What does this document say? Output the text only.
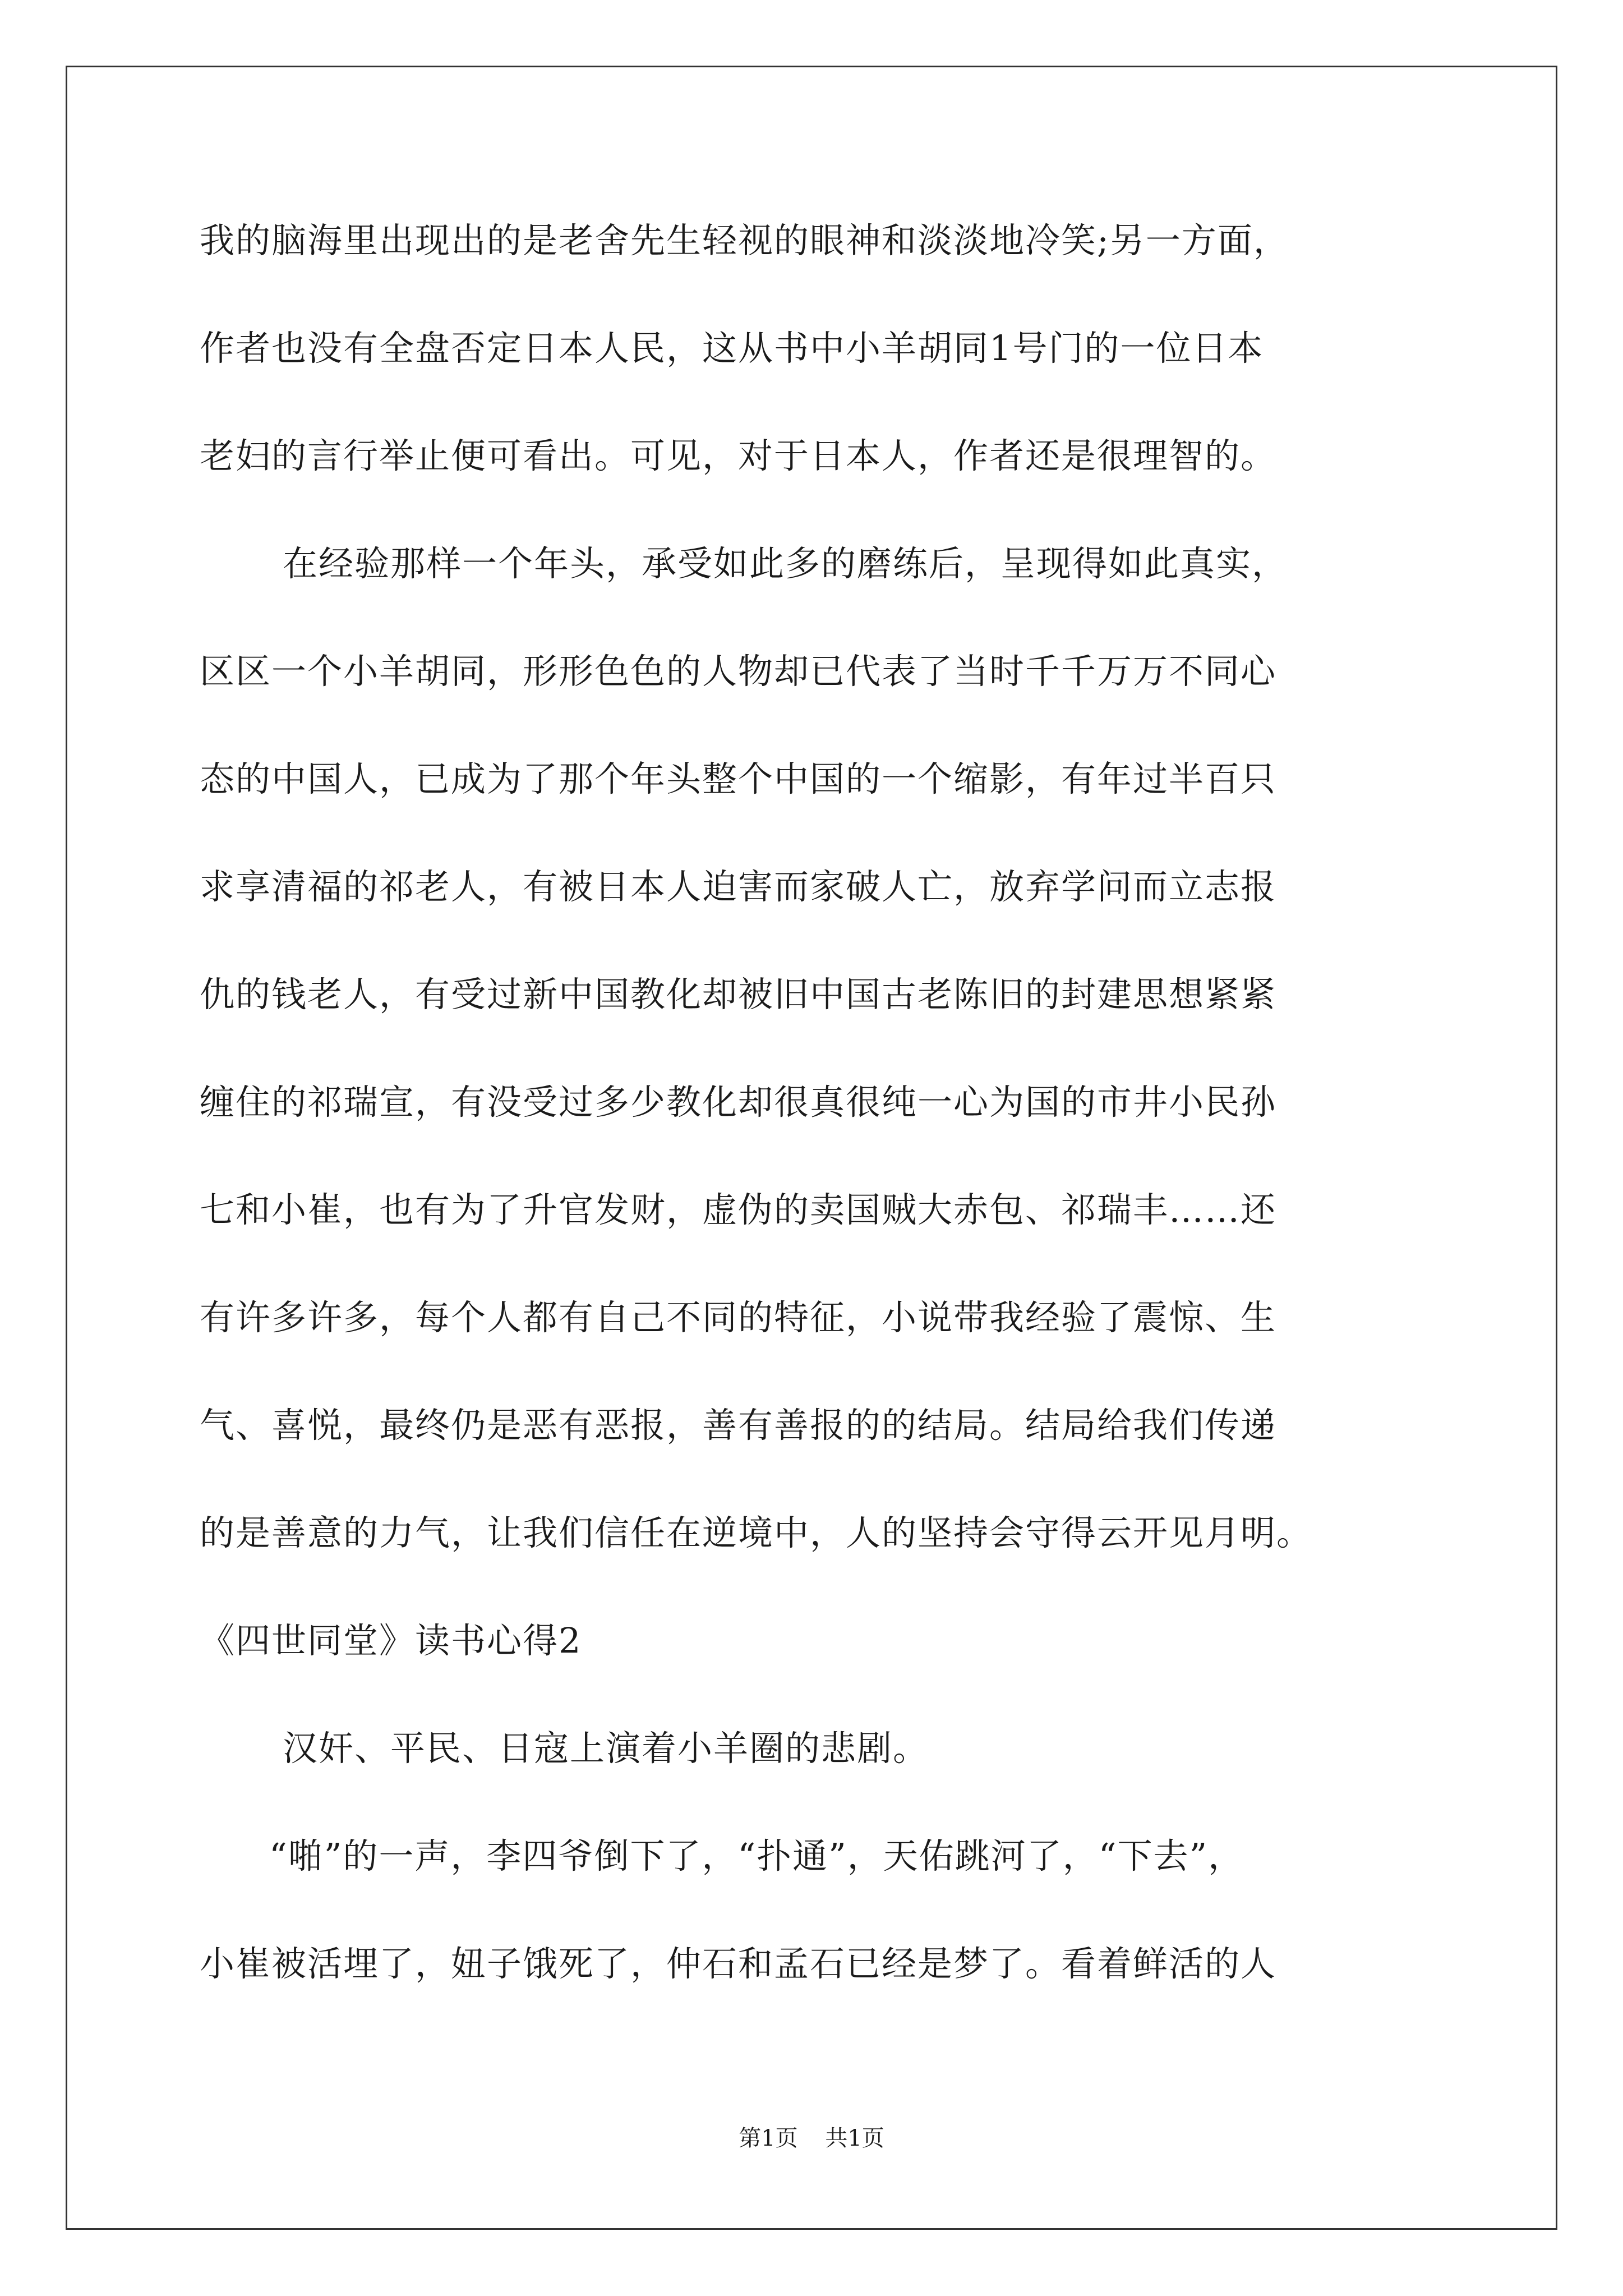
我的脑海里出现出的是老舍先生轻视的眼神和淡淡地冷笑;另一方面，
作者也没有全盘否定日本人民，这从书中小羊胡同1号门的一位日本
老妇的言行举止便可看出。可见，对于日本人，作者还是很理智的。
在经验那样一个年头，承受如此多的磨练后，呈现得如此真实，
区区一个小羊胡同，形形色色的人物却已代表了当时千千万万不同心
态的中国人，已成为了那个年头整个中国的一个缩影，有年过半百只
求享清福的祁老人，有被日本人迫害而家破人亡，放弃学问而立志报
仇的钱老人，有受过新中国教化却被旧中国古老陈旧的封建思想紧紧
缠住的祁瑞宣，有没受过多少教化却很真很纯一心为国的市井小民孙
七和小崔，也有为了升官发财，虚伪的卖国贼大赤包、祁瑞丰……还
有许多许多，每个人都有自己不同的特征，小说带我经验了震惊、生
气、喜悦，最终仍是恶有恶报，善有善报的的结局。结局给我们传递
的是善意的力气，让我们信任在逆境中，人的坚持会守得云开见月明。
《四世同堂》读书心得2
汉奸、平民、日寇上演着小羊圈的悲剧。
“啪”的一声，李四爷倒下了，“扑通”，天佑跳河了，“下去”，
小崔被活埋了，妞子饿死了，仲石和孟石已经是梦了。看着鲜活的人
第1页 共1页
